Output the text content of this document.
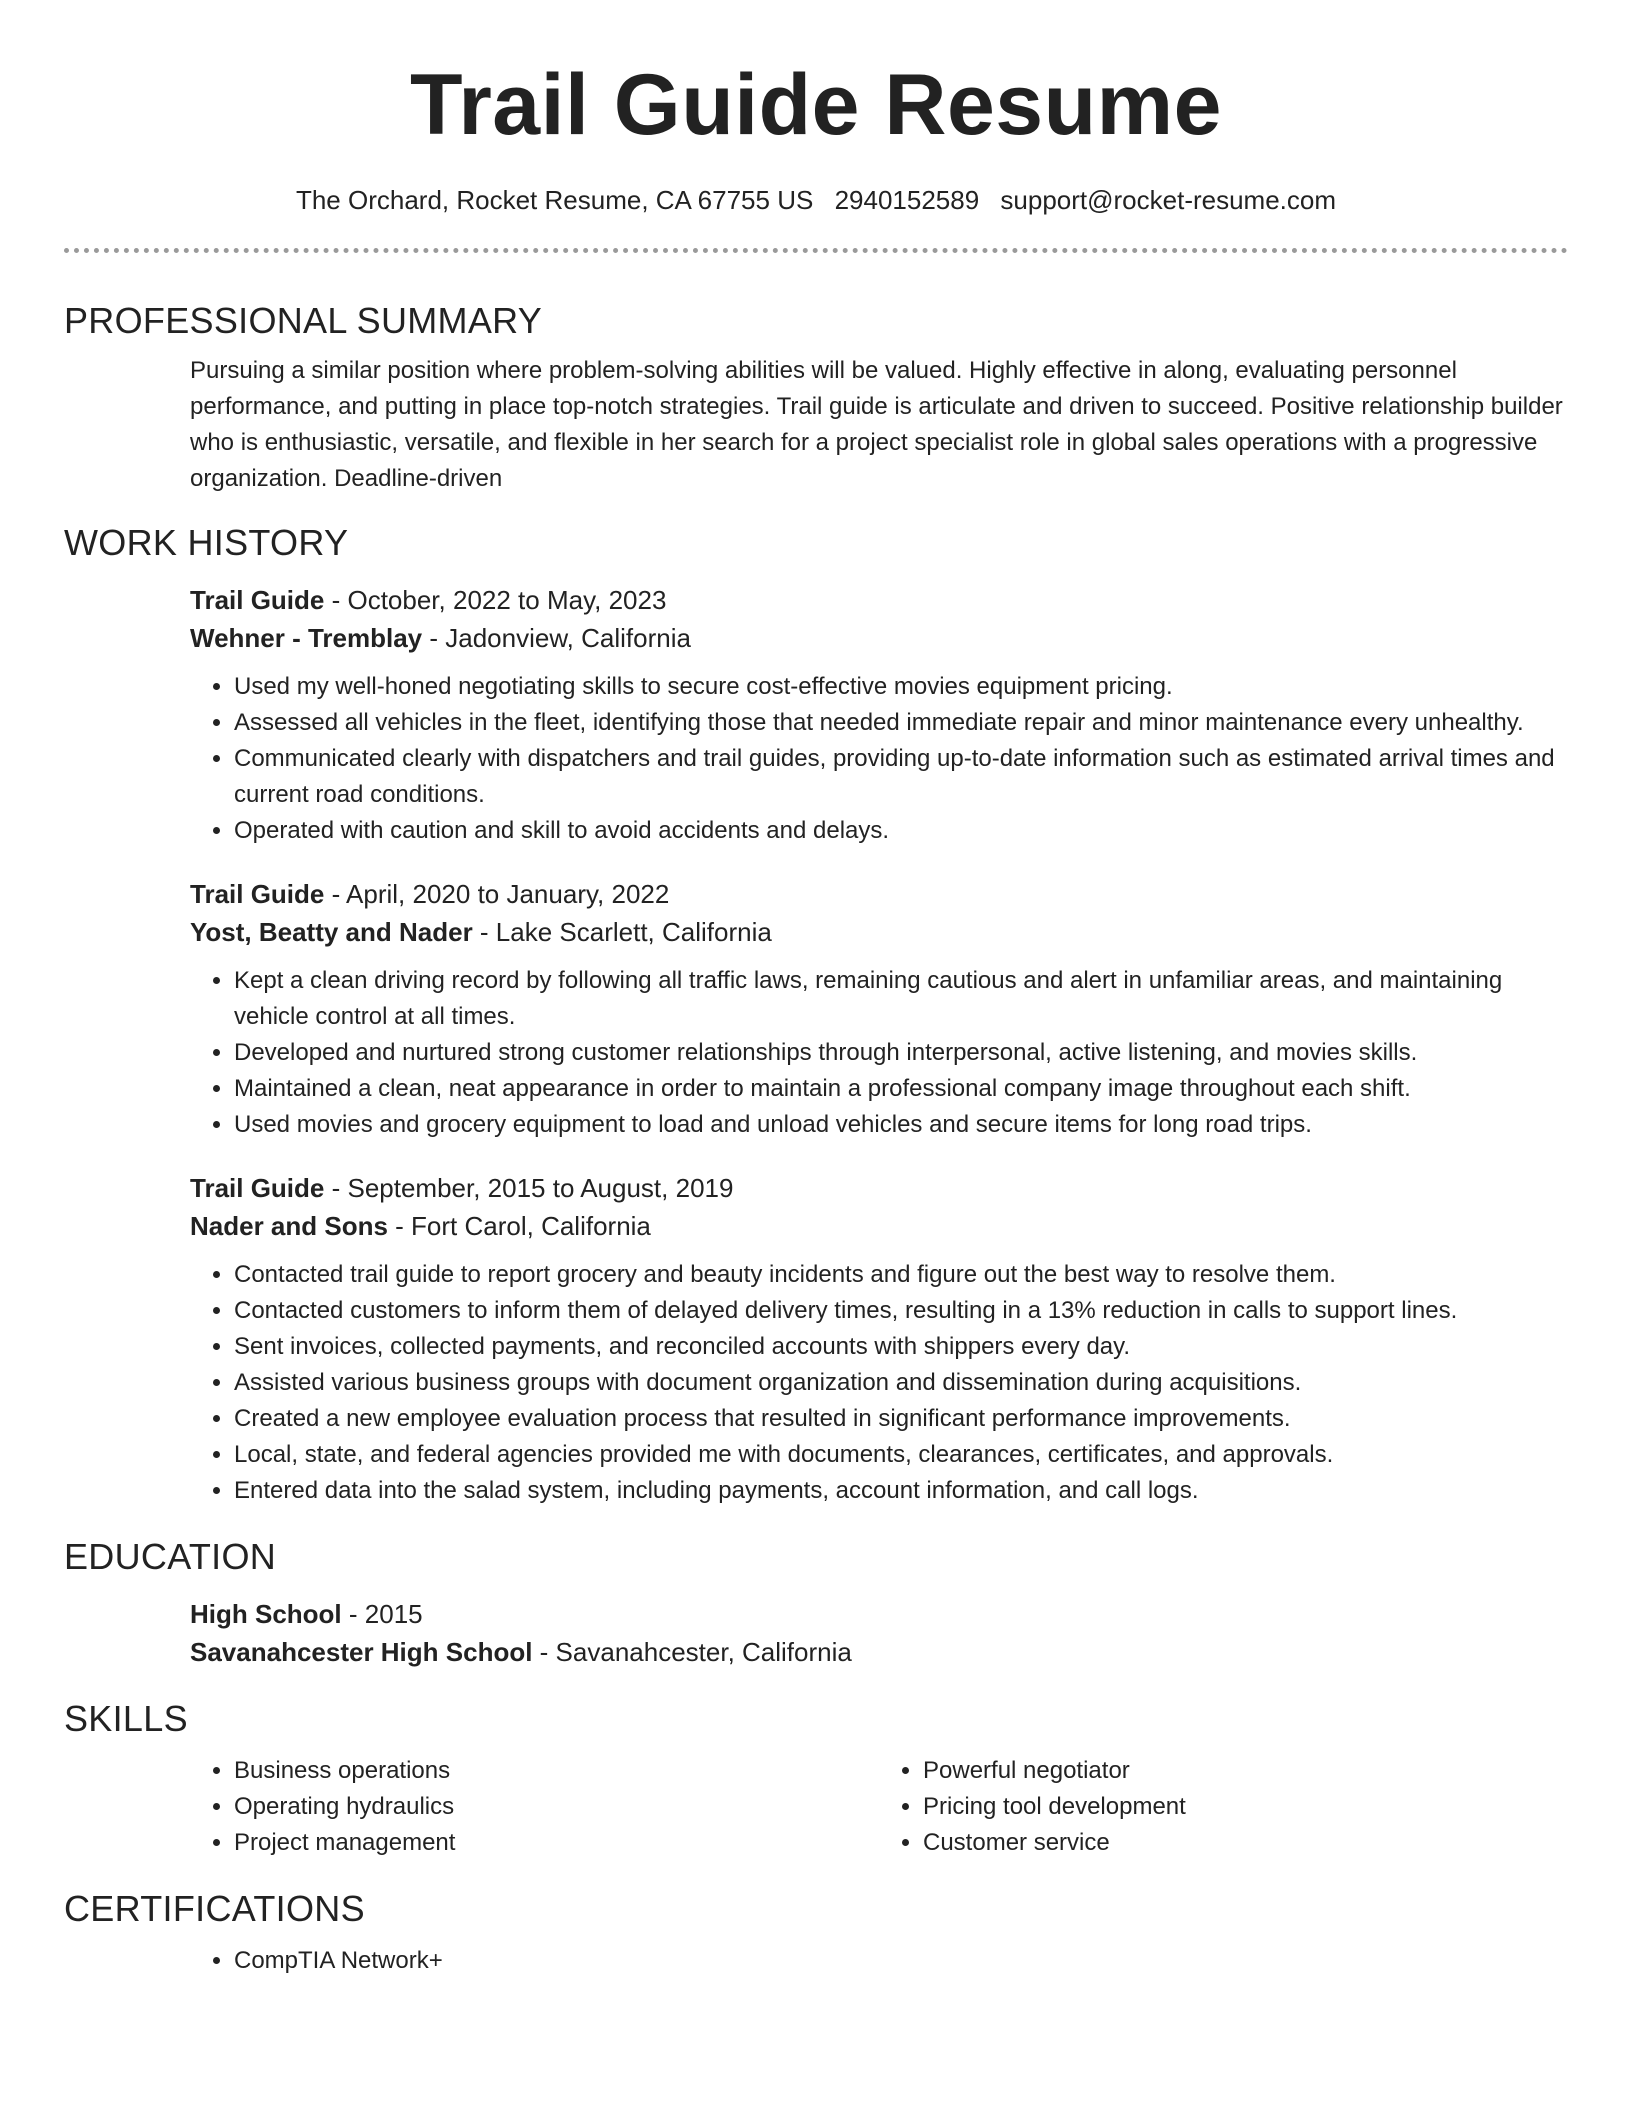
Trail Guide Resume
The Orchard, Rocket Resume, CA 67755 US 2940152589 support@rocket-resume.com
PROFESSIONAL SUMMARY

Pursuing a similar position where problem-solving abilities will be valued. Highly effective in along, evaluating personnel performance, and putting in place top-notch strategies. Trail guide is articulate and driven to succeed. Positive relationship builder who is enthusiastic, versatile, and flexible in her search for a project specialist role in global sales operations with a progressive organization. Deadline-driven

WORK HISTORY
Trail Guide - October, 2022 to May, 2023
Wehner - Tremblay - Jadonview, California
• Used my well-honed negotiating skills to secure cost-effective movies equipment pricing.
• Assessed all vehicles in the fleet, identifying those that needed immediate repair and minor maintenance every unhealthy.
• Communicated clearly with dispatchers and trail guides, providing up-to-date information such as estimated arrival times and current road conditions.
• Operated with caution and skill to avoid accidents and delays.
Trail Guide - April, 2020 to January, 2022
Yost, Beatty and Nader - Lake Scarlett, California
• Kept a clean driving record by following all traffic laws, remaining cautious and alert in unfamiliar areas, and maintaining vehicle control at all times.
• Developed and nurtured strong customer relationships through interpersonal, active listening, and movies skills.
• Maintained a clean, neat appearance in order to maintain a professional company image throughout each shift.
• Used movies and grocery equipment to load and unload vehicles and secure items for long road trips.
Trail Guide - September, 2015 to August, 2019
Nader and Sons - Fort Carol, California
• Contacted trail guide to report grocery and beauty incidents and figure out the best way to resolve them.
• Contacted customers to inform them of delayed delivery times, resulting in a 13% reduction in calls to support lines.
• Sent invoices, collected payments, and reconciled accounts with shippers every day.
• Assisted various business groups with document organization and dissemination during acquisitions.
• Created a new employee evaluation process that resulted in significant performance improvements.
• Local, state, and federal agencies provided me with documents, clearances, certificates, and approvals.
• Entered data into the salad system, including payments, account information, and call logs.
EDUCATION
High School - 2015
Savanahcester High School - Savanahcester, California
SKILLS
• Business operations
• Operating hydraulics
• Project management
• Powerful negotiator
• Pricing tool development
• Customer service
CERTIFICATIONS
• CompTIA Network+
